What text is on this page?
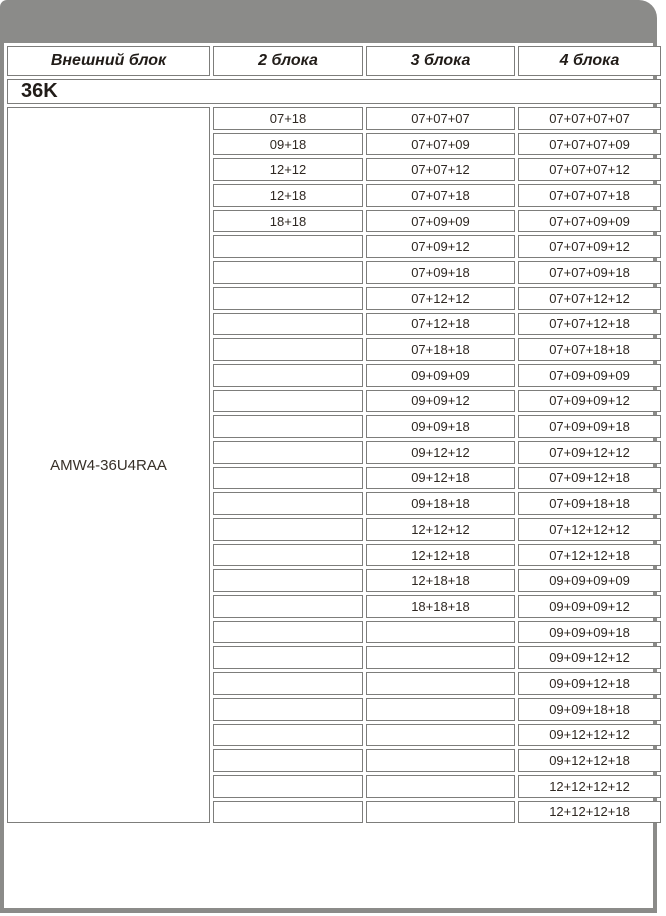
Внешний блок	2 блока	3 блока	4 блока
36K			
AMW4-36U4RAA	07+18	07+07+07	07+07+07+07
	09+18	07+07+09	07+07+07+09
	12+12	07+07+12	07+07+07+12
	12+18	07+07+18	07+07+07+18
	18+18	07+09+09	07+07+09+09
		07+09+12	07+07+09+12
		07+09+18	07+07+09+18
		07+12+12	07+07+12+12
		07+12+18	07+07+12+18
		07+18+18	07+07+18+18
		09+09+09	07+09+09+09
		09+09+12	07+09+09+12
		09+09+18	07+09+09+18
		09+12+12	07+09+12+12
		09+12+18	07+09+12+18
		09+18+18	07+09+18+18
		12+12+12	07+12+12+12
		12+12+18	07+12+12+18
		12+18+18	09+09+09+09
		18+18+18	09+09+09+12
			09+09+09+18
			09+09+12+12
			09+09+12+18
			09+09+18+18
			09+12+12+12
			09+12+12+18
			12+12+12+12
			12+12+12+18
